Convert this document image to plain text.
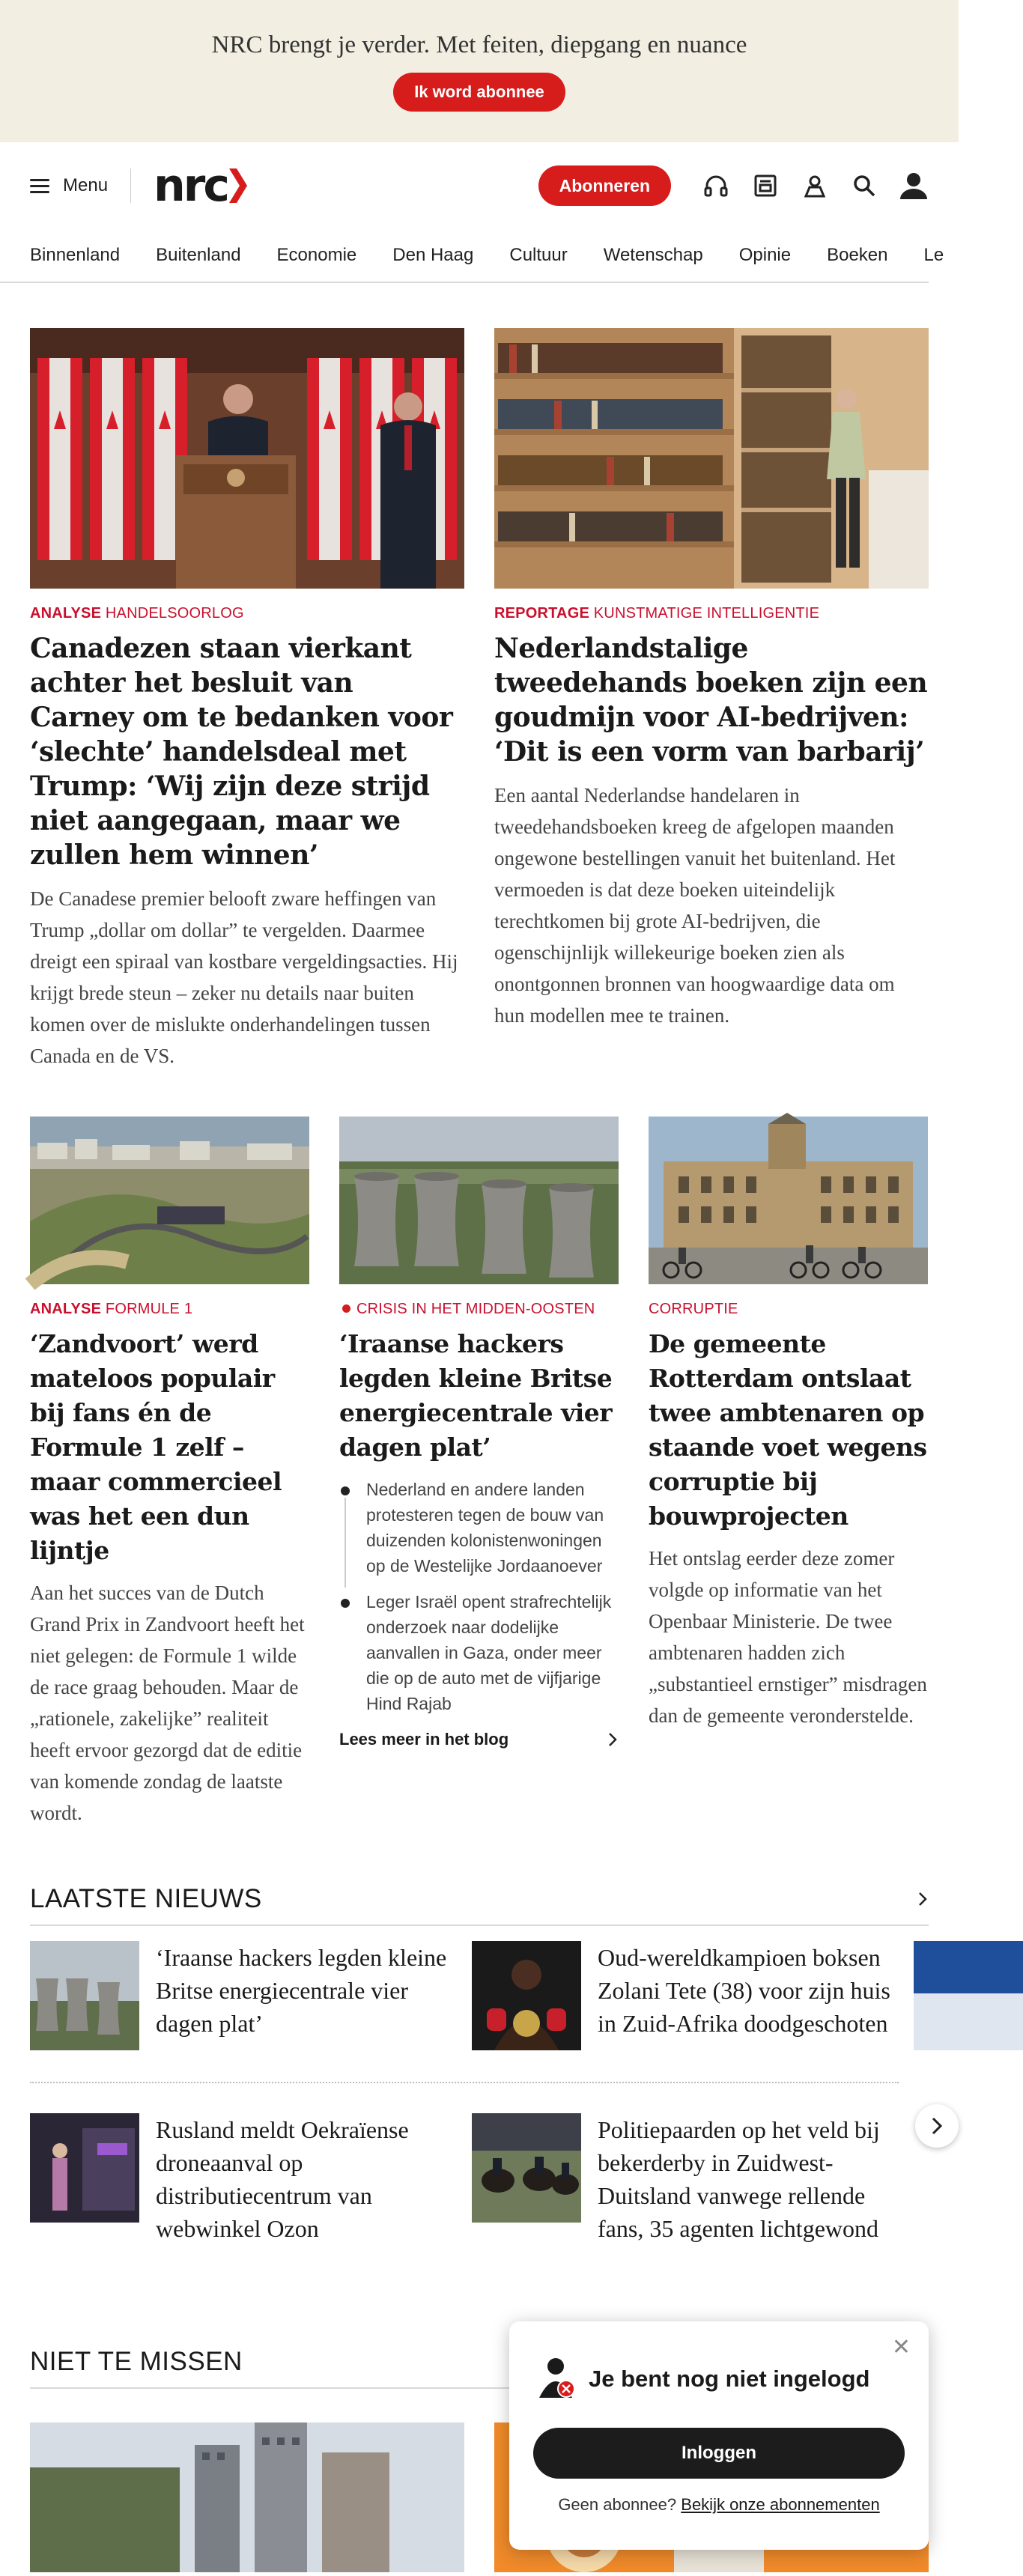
NRC brengt je verder. Met feiten, diepgang en nuance
Ik word abonnee
Menu nrc	Abonneren
Binnenland Buitenland Economie Den Haag Cultuur Wetenschap Opinie Boeken Le
ANALYSE HANDELSOORLOG
Canadezen staan vierkant achter het besluit van Carney om te bedanken voor ‘slechte’ handelsdeal met Trump: ‘Wij zijn deze strijd niet aangegaan, maar we zullen hem winnen’
De Canadese premier belooft zware heffingen van Trump „dollar om dollar” te vergelden. Daarmee dreigt een spiraal van kostbare vergeldingsacties. Hij krijgt brede steun – zeker nu details naar buiten komen over de mislukte onderhandelingen tussen Canada en de VS.
REPORTAGE KUNSTMATIGE INTELLIGENTIE
Nederlandstalige tweedehands boeken zijn een goudmijn voor AI-bedrijven: ‘Dit is een vorm van barbarij’
Een aantal Nederlandse handelaren in tweedehandsboeken kreeg de afgelopen maanden ongewone bestellingen vanuit het buitenland. Het vermoeden is dat deze boeken uiteindelijk terechtkomen bij grote AI-bedrijven, die ogenschijnlijk willekeurige boeken zien als onontgonnen bronnen van hoogwaardige data om hun modellen mee te trainen.
ANALYSE FORMULE 1
‘Zandvoort’ werd mateloos populair bij fans én de Formule 1 zelf – maar commercieel was het een dun lijntje
Aan het succes van de Dutch Grand Prix in Zandvoort heeft het niet gelegen: de Formule 1 wilde de race graag behouden. Maar de „rationele, zakelijke” realiteit heeft ervoor gezorgd dat de editie van komende zondag de laatste wordt.
CRISIS IN HET MIDDEN-OOSTEN
‘Iraanse hackers legden kleine Britse energiecentrale vier dagen plat’
Nederland en andere landen protesteren tegen de bouw van duizenden kolonistenwoningen op de Westelijke Jordaanoever
Leger Israël opent strafrechtelijk onderzoek naar dodelijke aanvallen in Gaza, onder meer die op de auto met de vijfjarige Hind Rajab
Lees meer in het blog
CORRUPTIE
De gemeente Rotterdam ontslaat twee ambtenaren op staande voet wegens corruptie bij bouwprojecten
Het ontslag eerder deze zomer volgde op informatie van het Openbaar Ministerie. De twee ambtenaren hadden zich „substantieel ernstiger” misdragen dan de gemeente veronderstelde.
LAATSTE NIEUWS
‘Iraanse hackers legden kleine Britse energiecentrale vier dagen plat’
Oud-wereldkampioen boksen Zolani Tete (38) voor zijn huis in Zuid-Afrika doodgeschoten
Rusland meldt Oekraïense droneaanval op distributiecentrum van webwinkel Ozon
Politiepaarden op het veld bij bekerderby in Zuidwest-Duitsland vanwege rellende fans, 35 agenten lichtgewond
NIET TE MISSEN	✕
Je bent nog niet ingelogd
Inloggen
Geen abonnee? Bekijk onze abonnementen
